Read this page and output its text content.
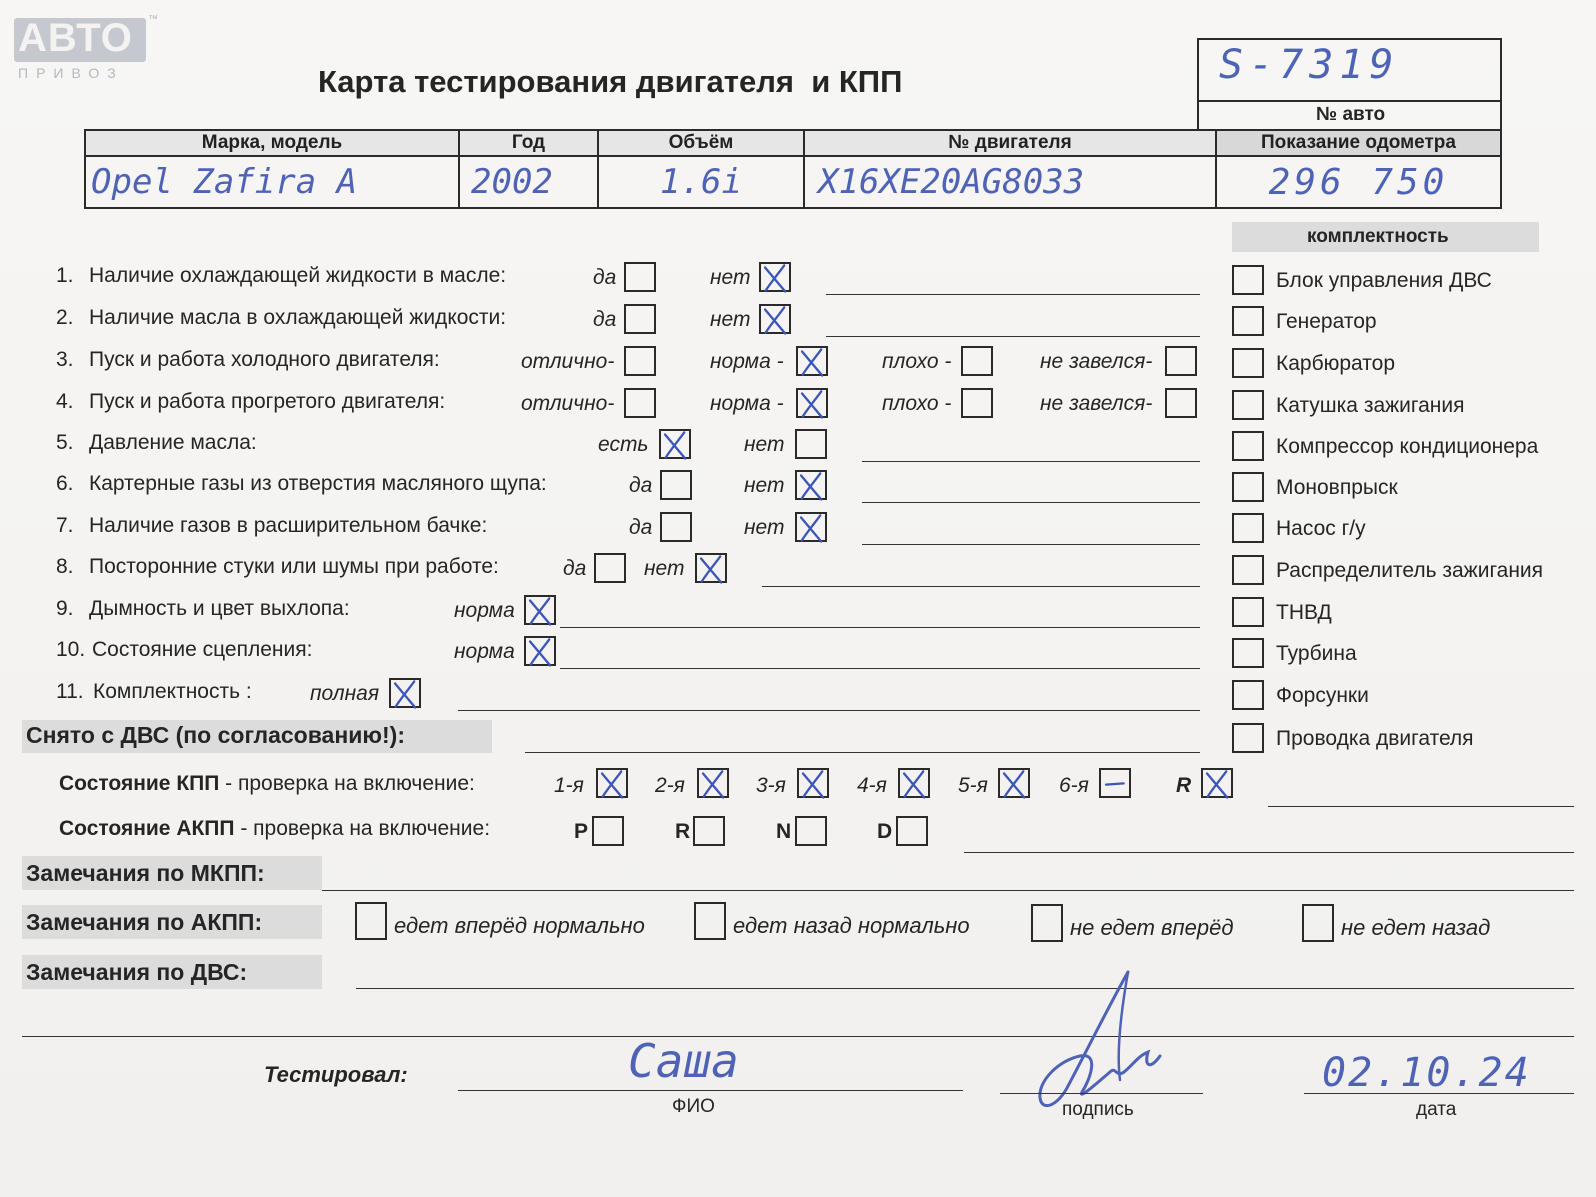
АВТО ™
ПРИВОЗ	Карта тестирования двигателя  и КПП	S-7319
№ авто
Марка, модель	Год	Объём	№ двигателя	Показание одометра
Opel Zafira A	2002	1.6i	X16XE20AG8033	296 750
1. Наличие охлаждающей жидкости в масле:	да	нет
2. Наличие масла в охлаждающей жидкости:	да	нет
3. Пуск и работа холодного двигателя:	отлично-	норма -	плохо -	не завелся-
4. Пуск и работа прогретого двигателя:	отлично-	норма -	плохо -	не завелся-
5. Давление масла:	есть	нет
6. Картерные газы из отверстия масляного щупа:	да	нет
7. Наличие газов в расширительном бачке:	да	нет
8. Посторонние стуки или шумы при работе:	да	нет
9. Дымность и цвет выхлопа:	норма
10. Состояние сцепления:	норма
11. Комплектность :	полная
комплектность
Блок управления ДВС
Генератор
Карбюратор
Катушка зажигания
Компрессор кондиционера
Моновпрыск
Насос г/у
Распределитель зажигания
ТНВД
Турбина
Форсунки
Проводка двигателя
Снято с ДВС (по согласованию!):
Состояние КПП - проверка на включение:	1-я	2-я	3-я	4-я	5-я	6-я	R
Состояние АКПП - проверка на включение:	P	R	N	D
Замечания по МКПП:
Замечания по АКПП:	едет вперёд нормально	едет назад нормально	не едет вперёд	не едет назад
Замечания по ДВС:
Тестировал:	Саша
ФИО	подпись
02.10.24
дата
